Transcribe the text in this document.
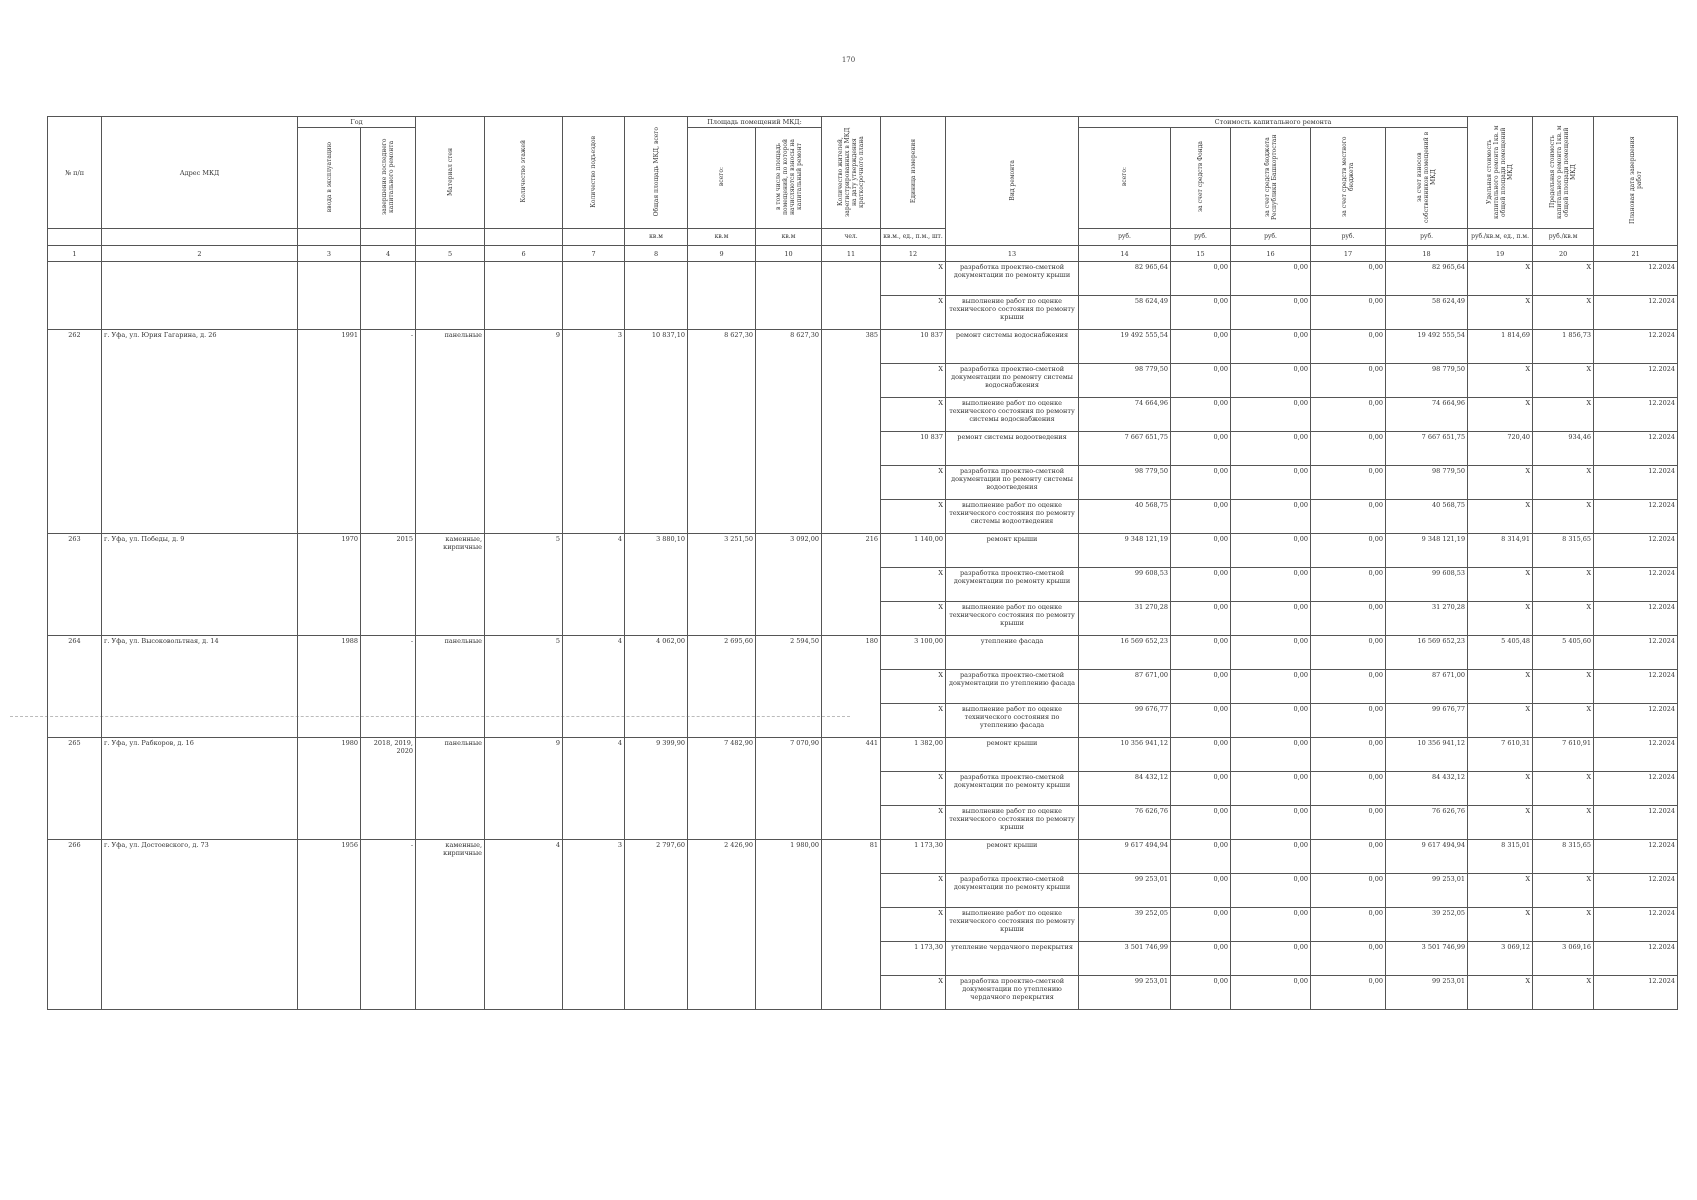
170
№ п/п	Адрес МКД	Год		Материал стен	Количество этажей	Количество подъездов	Общая площадь МКД, всего	Площадь помещений МКД:		Количество жителей, зарегистрированных в МКД на дату утверждения краткосрочного плана	Единица измерения	Вид ремонта	Стоимость капитального ремонта					Удельная стоимость капитального ремонта 1кв. м общей площади помещений МКД	Предельная стоимость капитального ремонта 1кв. м общей площади помещений МКД	Плановая дата завершения работ
		ввода в эксплуатацию	завершение последнего капитального ремонта					всего:	в том числе площадь помещений, по которой начисляются взносы на капитальный ремонт				всего:	за счет средств Фонда	за счет средств бюджета Республики Башкортостан	за счет средств местного бюджета	за счет взносов собственников помещений в МКД			
							кв.м	кв.м	кв.м	чел.	кв.м., ед., п.м., шт.		руб.	руб.	руб.	руб.	руб.	руб./кв.м, ед., п.м.	руб./кв.м	
1	2	3	4	5	6	7	8	9	10	11	12	13	14	15	16	17	18	19	20	21
											X	разработка проектно-сметной документации по ремонту крыши	82 965,64	0,00	0,00	0,00	82 965,64	X	X	12.2024
											X	выполнение работ по оценке технического состояния по ремонту крыши	58 624,49	0,00	0,00	0,00	58 624,49	X	X	12.2024
262	г. Уфа, ул. Юрия Гагарина, д. 26	1991	-	панельные	9	3	10 837,10	8 627,30	8 627,30	385	10 837	ремонт системы водоснабжения	19 492 555,54	0,00	0,00	0,00	19 492 555,54	1 814,69	1 856,73	12.2024
											X	разработка проектно-сметной документации по ремонту системы водоснабжения	98 779,50	0,00	0,00	0,00	98 779,50	X	X	12.2024
											X	выполнение работ по оценке технического состояния по ремонту системы водоснабжения	74 664,96	0,00	0,00	0,00	74 664,96	X	X	12.2024
											10 837	ремонт системы водоотведения	7 667 651,75	0,00	0,00	0,00	7 667 651,75	720,40	934,46	12.2024
											X	разработка проектно-сметной документации по ремонту системы водоотведения	98 779,50	0,00	0,00	0,00	98 779,50	X	X	12.2024
											X	выполнение работ по оценке технического состояния по ремонту системы водоотведения	40 568,75	0,00	0,00	0,00	40 568,75	X	X	12.2024
263	г. Уфа, ул. Победы, д. 9	1970	2015	каменные, кирпичные	5	4	3 880,10	3 251,50	3 092,00	216	1 140,00	ремонт крыши	9 348 121,19	0,00	0,00	0,00	9 348 121,19	8 314,91	8 315,65	12.2024
											X	разработка проектно-сметной документации по ремонту крыши	99 608,53	0,00	0,00	0,00	99 608,53	X	X	12.2024
											X	выполнение работ по оценке технического состояния по ремонту крыши	31 270,28	0,00	0,00	0,00	31 270,28	X	X	12.2024
264	г. Уфа, ул. Высоковольтная, д. 14	1988	-	панельные	5	4	4 062,00	2 695,60	2 594,50	180	3 100,00	утепление фасада	16 569 652,23	0,00	0,00	0,00	16 569 652,23	5 405,48	5 405,60	12.2024
											X	разработка проектно-сметной документации по утеплению фасада	87 671,00	0,00	0,00	0,00	87 671,00	X	X	12.2024
											X	выполнение работ по оценке технического состояния по утеплению фасада	99 676,77	0,00	0,00	0,00	99 676,77	X	X	12.2024
265	г. Уфа, ул. Рабкоров, д. 16	1980	2018, 2019, 2020	панельные	9	4	9 399,90	7 482,90	7 070,90	441	1 382,00	ремонт крыши	10 356 941,12	0,00	0,00	0,00	10 356 941,12	7 610,31	7 610,91	12.2024
											X	разработка проектно-сметной документации по ремонту крыши	84 432,12	0,00	0,00	0,00	84 432,12	X	X	12.2024
											X	выполнение работ по оценке технического состояния по ремонту крыши	76 626,76	0,00	0,00	0,00	76 626,76	X	X	12.2024
266	г. Уфа, ул. Достоевского, д. 73	1956	-	каменные, кирпичные	4	3	2 797,60	2 426,90	1 980,00	81	1 173,30	ремонт крыши	9 617 494,94	0,00	0,00	0,00	9 617 494,94	8 315,01	8 315,65	12.2024
											X	разработка проектно-сметной документации по ремонту крыши	99 253,01	0,00	0,00	0,00	99 253,01	X	X	12.2024
											X	выполнение работ по оценке технического состояния по ремонту крыши	39 252,05	0,00	0,00	0,00	39 252,05	X	X	12.2024
											1 173,30	утепление чердачного перекрытия	3 501 746,99	0,00	0,00	0,00	3 501 746,99	3 069,12	3 069,16	12.2024
											X	разработка проектно-сметной документации по утеплению чердачного перекрытия	99 253,01	0,00	0,00	0,00	99 253,01	X	X	12.2024
